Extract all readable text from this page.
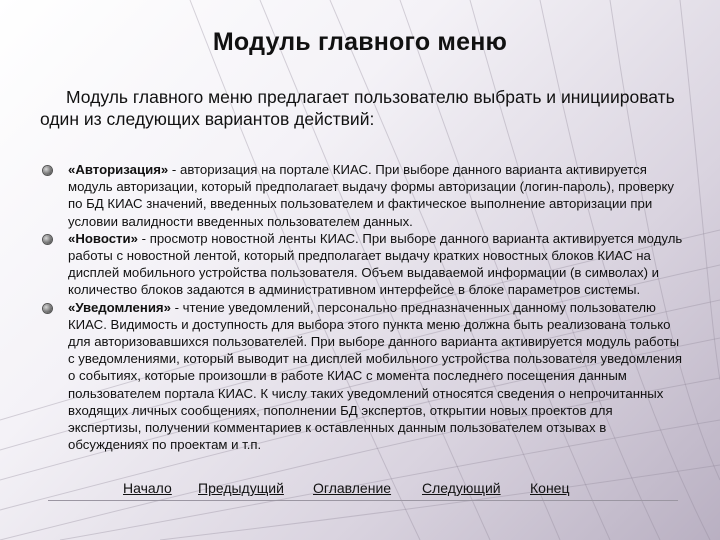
Модуль главного меню
Модуль главного меню предлагает пользователю выбрать и инициировать один из следующих вариантов действий:
«Авторизация» - авторизация на портале КИАС. При выборе данного варианта активируется модуль авторизации, который предполагает выдачу формы авторизации (логин-пароль), проверку по БД КИАС значений, введенных пользователем и фактическое выполнение авторизации при условии валидности введенных пользователем данных.
«Новости» - просмотр новостной ленты КИАС. При выборе данного варианта активируется модуль работы с новостной лентой, который предполагает выдачу кратких новостных блоков КИАС на дисплей мобильного устройства пользователя. Объем выдаваемой информации (в символах) и количество блоков задаются в административном интерфейсе в блоке параметров системы.
«Уведомления» - чтение уведомлений, персонально предназначенных данному пользователю КИАС. Видимость и доступность для выбора этого пункта меню должна быть реализована только для авторизовавшихся пользователей. При выборе данного варианта активируется модуль работы с уведомлениями, который выводит на дисплей мобильного устройства пользователя уведомления о событиях, которые произошли в работе КИАС с момента последнего посещения данным пользователем портала КИАС. К числу таких уведомлений относятся сведения о непрочитанных входящих личных сообщениях, пополнении БД экспертов, открытии новых проектов для экспертизы, получении комментариев к оставленных данным пользователем отзывах в обсуждениях по проектам и т.п.
Начало Предыдущий Оглавление Следующий Конец
